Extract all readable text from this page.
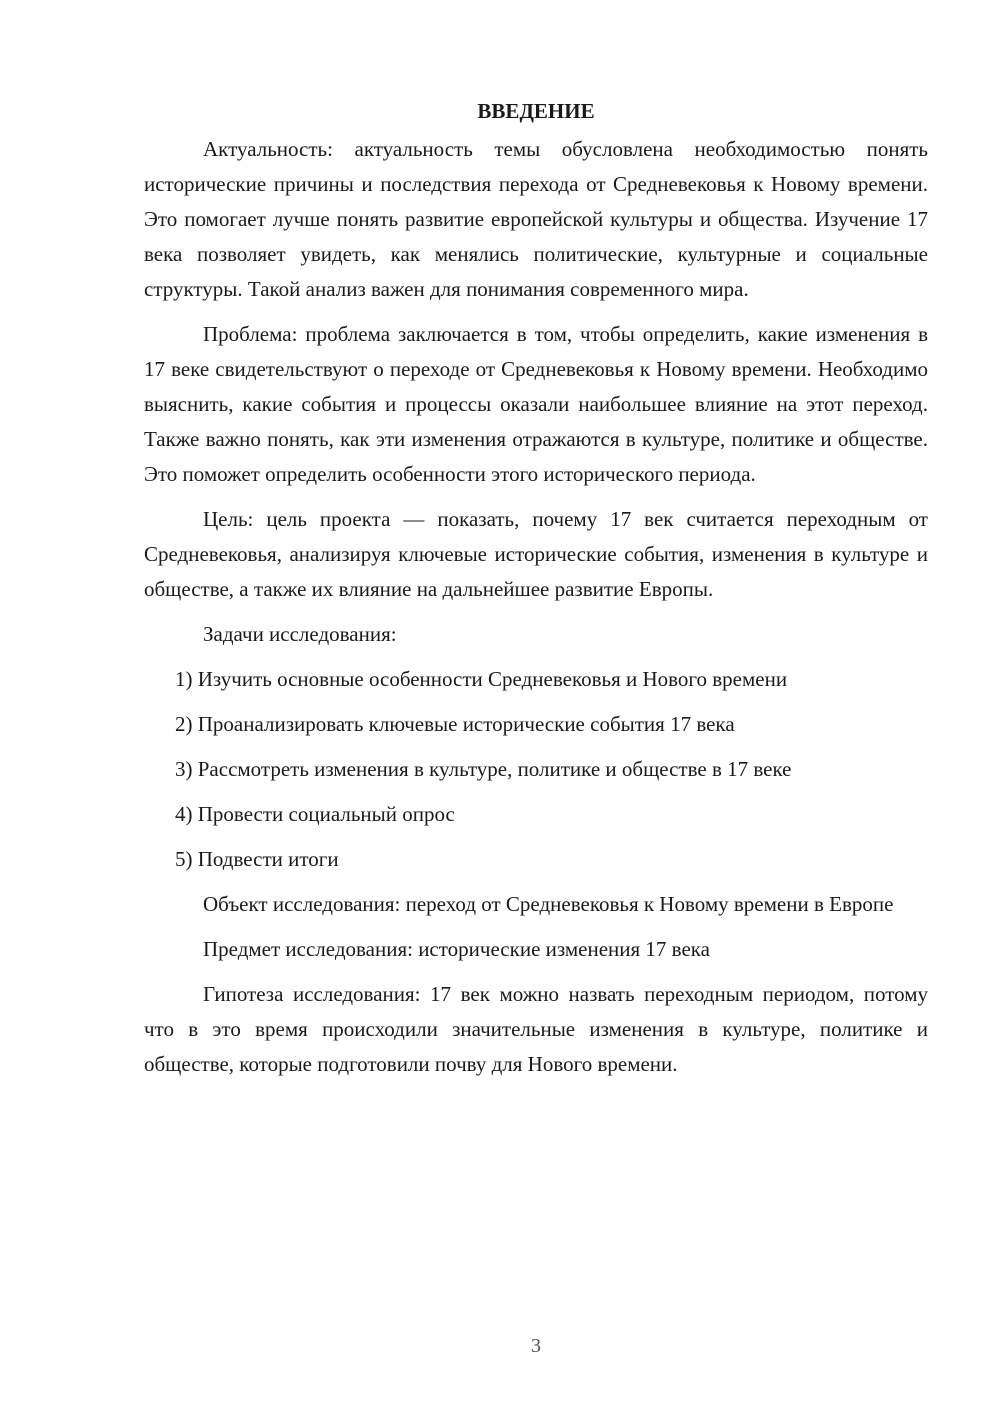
ВВЕДЕНИЕ

Актуальность: актуальность темы обусловлена необходимостью понять исторические причины и последствия перехода от Средневековья к Новому времени. Это помогает лучше понять развитие европейской культуры и общества. Изучение 17 века позволяет увидеть, как менялись политические, культурные и социальные структуры. Такой анализ важен для понимания современного мира.

Проблема: проблема заключается в том, чтобы определить, какие изменения в 17 веке свидетельствуют о переходе от Средневековья к Новому времени. Необходимо выяснить, какие события и процессы оказали наибольшее влияние на этот переход. Также важно понять, как эти изменения отражаются в культуре, политике и обществе. Это поможет определить особенности этого исторического периода.

Цель: цель проекта — показать, почему 17 век считается переходным от Средневековья, анализируя ключевые исторические события, изменения в культуре и обществе, а также их влияние на дальнейшее развитие Европы.

Задачи исследования:

1) Изучить основные особенности Средневековья и Нового времени

2) Проанализировать ключевые исторические события 17 века

3) Рассмотреть изменения в культуре, политике и обществе в 17 веке

4) Провести социальный опрос

5) Подвести итоги

Объект исследования: переход от Средневековья к Новому времени в Европе

Предмет исследования: исторические изменения 17 века

Гипотеза исследования: 17 век можно назвать переходным периодом, потому что в это время происходили значительные изменения в культуре, политике и обществе, которые подготовили почву для Нового времени.

3
